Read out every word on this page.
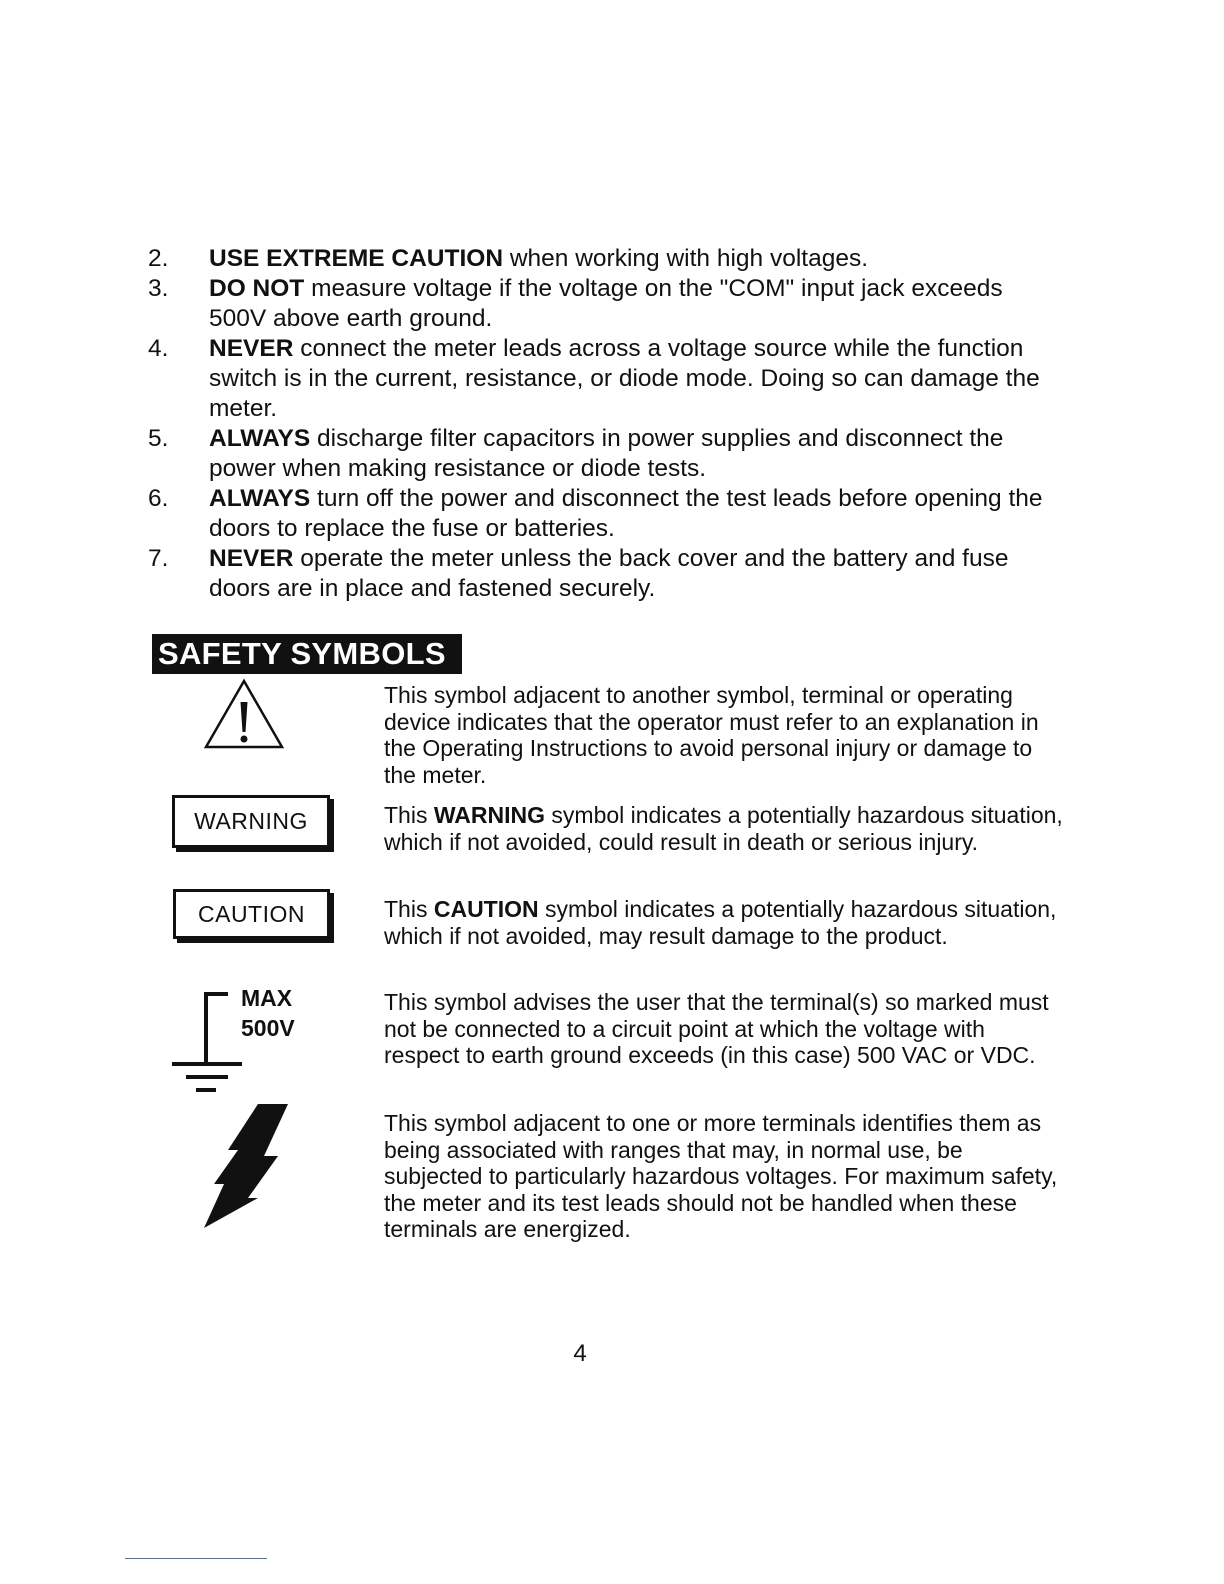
2. USE EXTREME CAUTION when working with high voltages.
3. DO NOT measure voltage if the voltage on the "COM" input jack exceeds 500V above earth ground.
4. NEVER connect the meter leads across a voltage source while the function switch is in the current, resistance, or diode mode. Doing so can damage the meter.
5. ALWAYS discharge filter capacitors in power supplies and disconnect the power when making resistance or diode tests.
6. ALWAYS turn off the power and disconnect the test leads before opening the doors to replace the fuse or batteries.
7. NEVER operate the meter unless the back cover and the battery and fuse doors are in place and fastened securely.
SAFETY SYMBOLS

This symbol adjacent to another symbol, terminal or operating device indicates that the operator must refer to an explanation in the Operating Instructions to avoid personal injury or damage to the meter.

WARNING	This WARNING symbol indicates a potentially hazardous situation, which if not avoided, could result in death or serious injury.

CAUTION	This CAUTION symbol indicates a potentially hazardous situation, which if not avoided, may result damage to the product.

MAX
500V

This symbol advises the user that the terminal(s) so marked must not be connected to a circuit point at which the voltage with respect to earth ground exceeds (in this case) 500 VAC or VDC.

This symbol adjacent to one or more terminals identifies them as being associated with ranges that may, in normal use, be subjected to particularly hazardous voltages. For maximum safety, the meter and its test leads should not be handled when these terminals are energized.

4
